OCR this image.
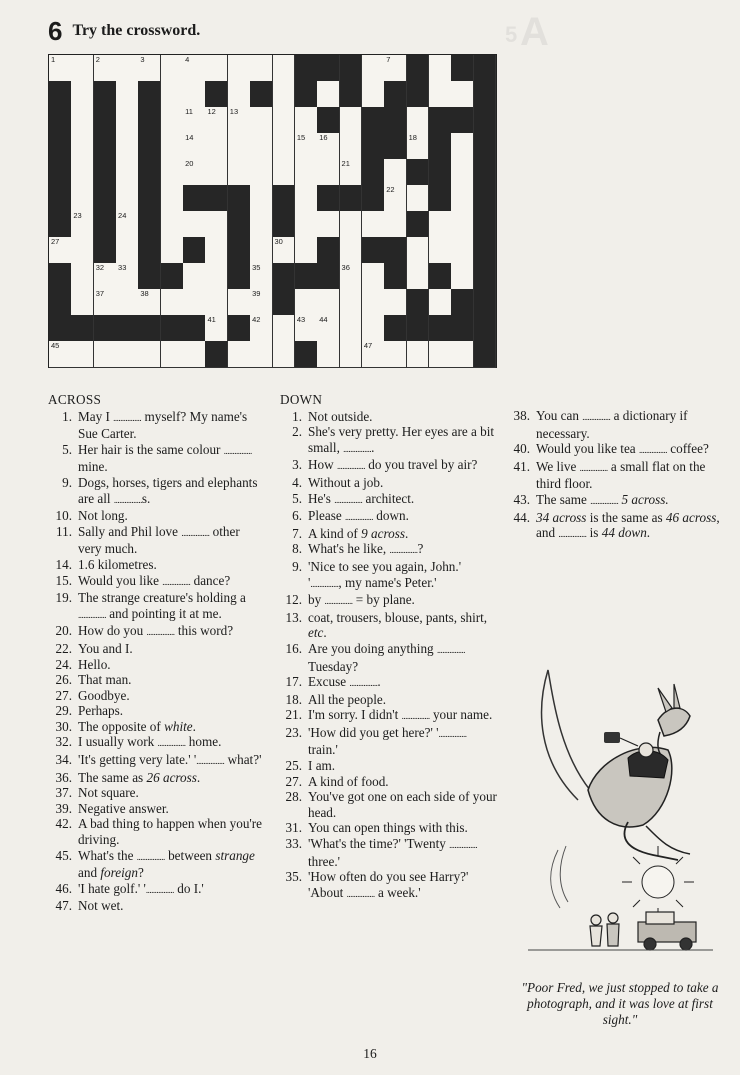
A
5
6 Try the crossword.
1	2	3	4	7
11 12 13
14	15 16	18
20	21
22
23	24
27	30
32 33	35	36
37	38	39
41	42	43 44
45	47
ACROSS
1. May I ................ myself? My name's Sue Carter.
5. Her hair is the same colour ................ mine.
9. Dogs, horses, tigers and elephants are all ................s.
10. Not long.
11. Sally and Phil love ................ other very much.
14. 1.6 kilometres.
15. Would you like ................ dance?
19. The strange creature's holding a ................ and pointing it at me.
20. How do you ................ this word?
22. You and I.
24. Hello.
26. That man.
27. Goodbye.
29. Perhaps.
30. The opposite of white.
32. I usually work ................ home.
34. 'It's getting very late.' '................ what?'
36. The same as 26 across.
37. Not square.
39. Negative answer.
42. A bad thing to happen when you're driving.
45. What's the ................ between strange and foreign?
46. 'I hate golf.' '................ do I.'
47. Not wet.
DOWN
1. Not outside.
2. She's very pretty. Her eyes are a bit small, .................
3. How ................ do you travel by air?
4. Without a job.
5. He's ................ architect.
6. Please ................ down.
7. A kind of 9 across.
8. What's he like, ................?
9. 'Nice to see you again, John.' '................, my name's Peter.'
12. by ................ = by plane.
13. coat, trousers, blouse, pants, shirt, etc.
16. Are you doing anything ................ Tuesday?
17. Excuse .................
18. All the people.
21. I'm sorry. I didn't ................ your name.
23. 'How did you get here?' '................ train.'
25. I am.
27. A kind of food.
28. You've got one on each side of your head.
31. You can open things with this.
33. 'What's the time?' 'Twenty ................ three.'
35. 'How often do you see Harry?' 'About ................ a week.'
38. You can ................ a dictionary if necessary.
40. Would you like tea ................ coffee?
41. We live ................ a small flat on the third floor.
43. The same ................ 5 across.
44. 34 across is the same as 46 across, and ................ is 44 down.
"Poor Fred, we just stopped to take a photograph, and it was love at first sight."
16
